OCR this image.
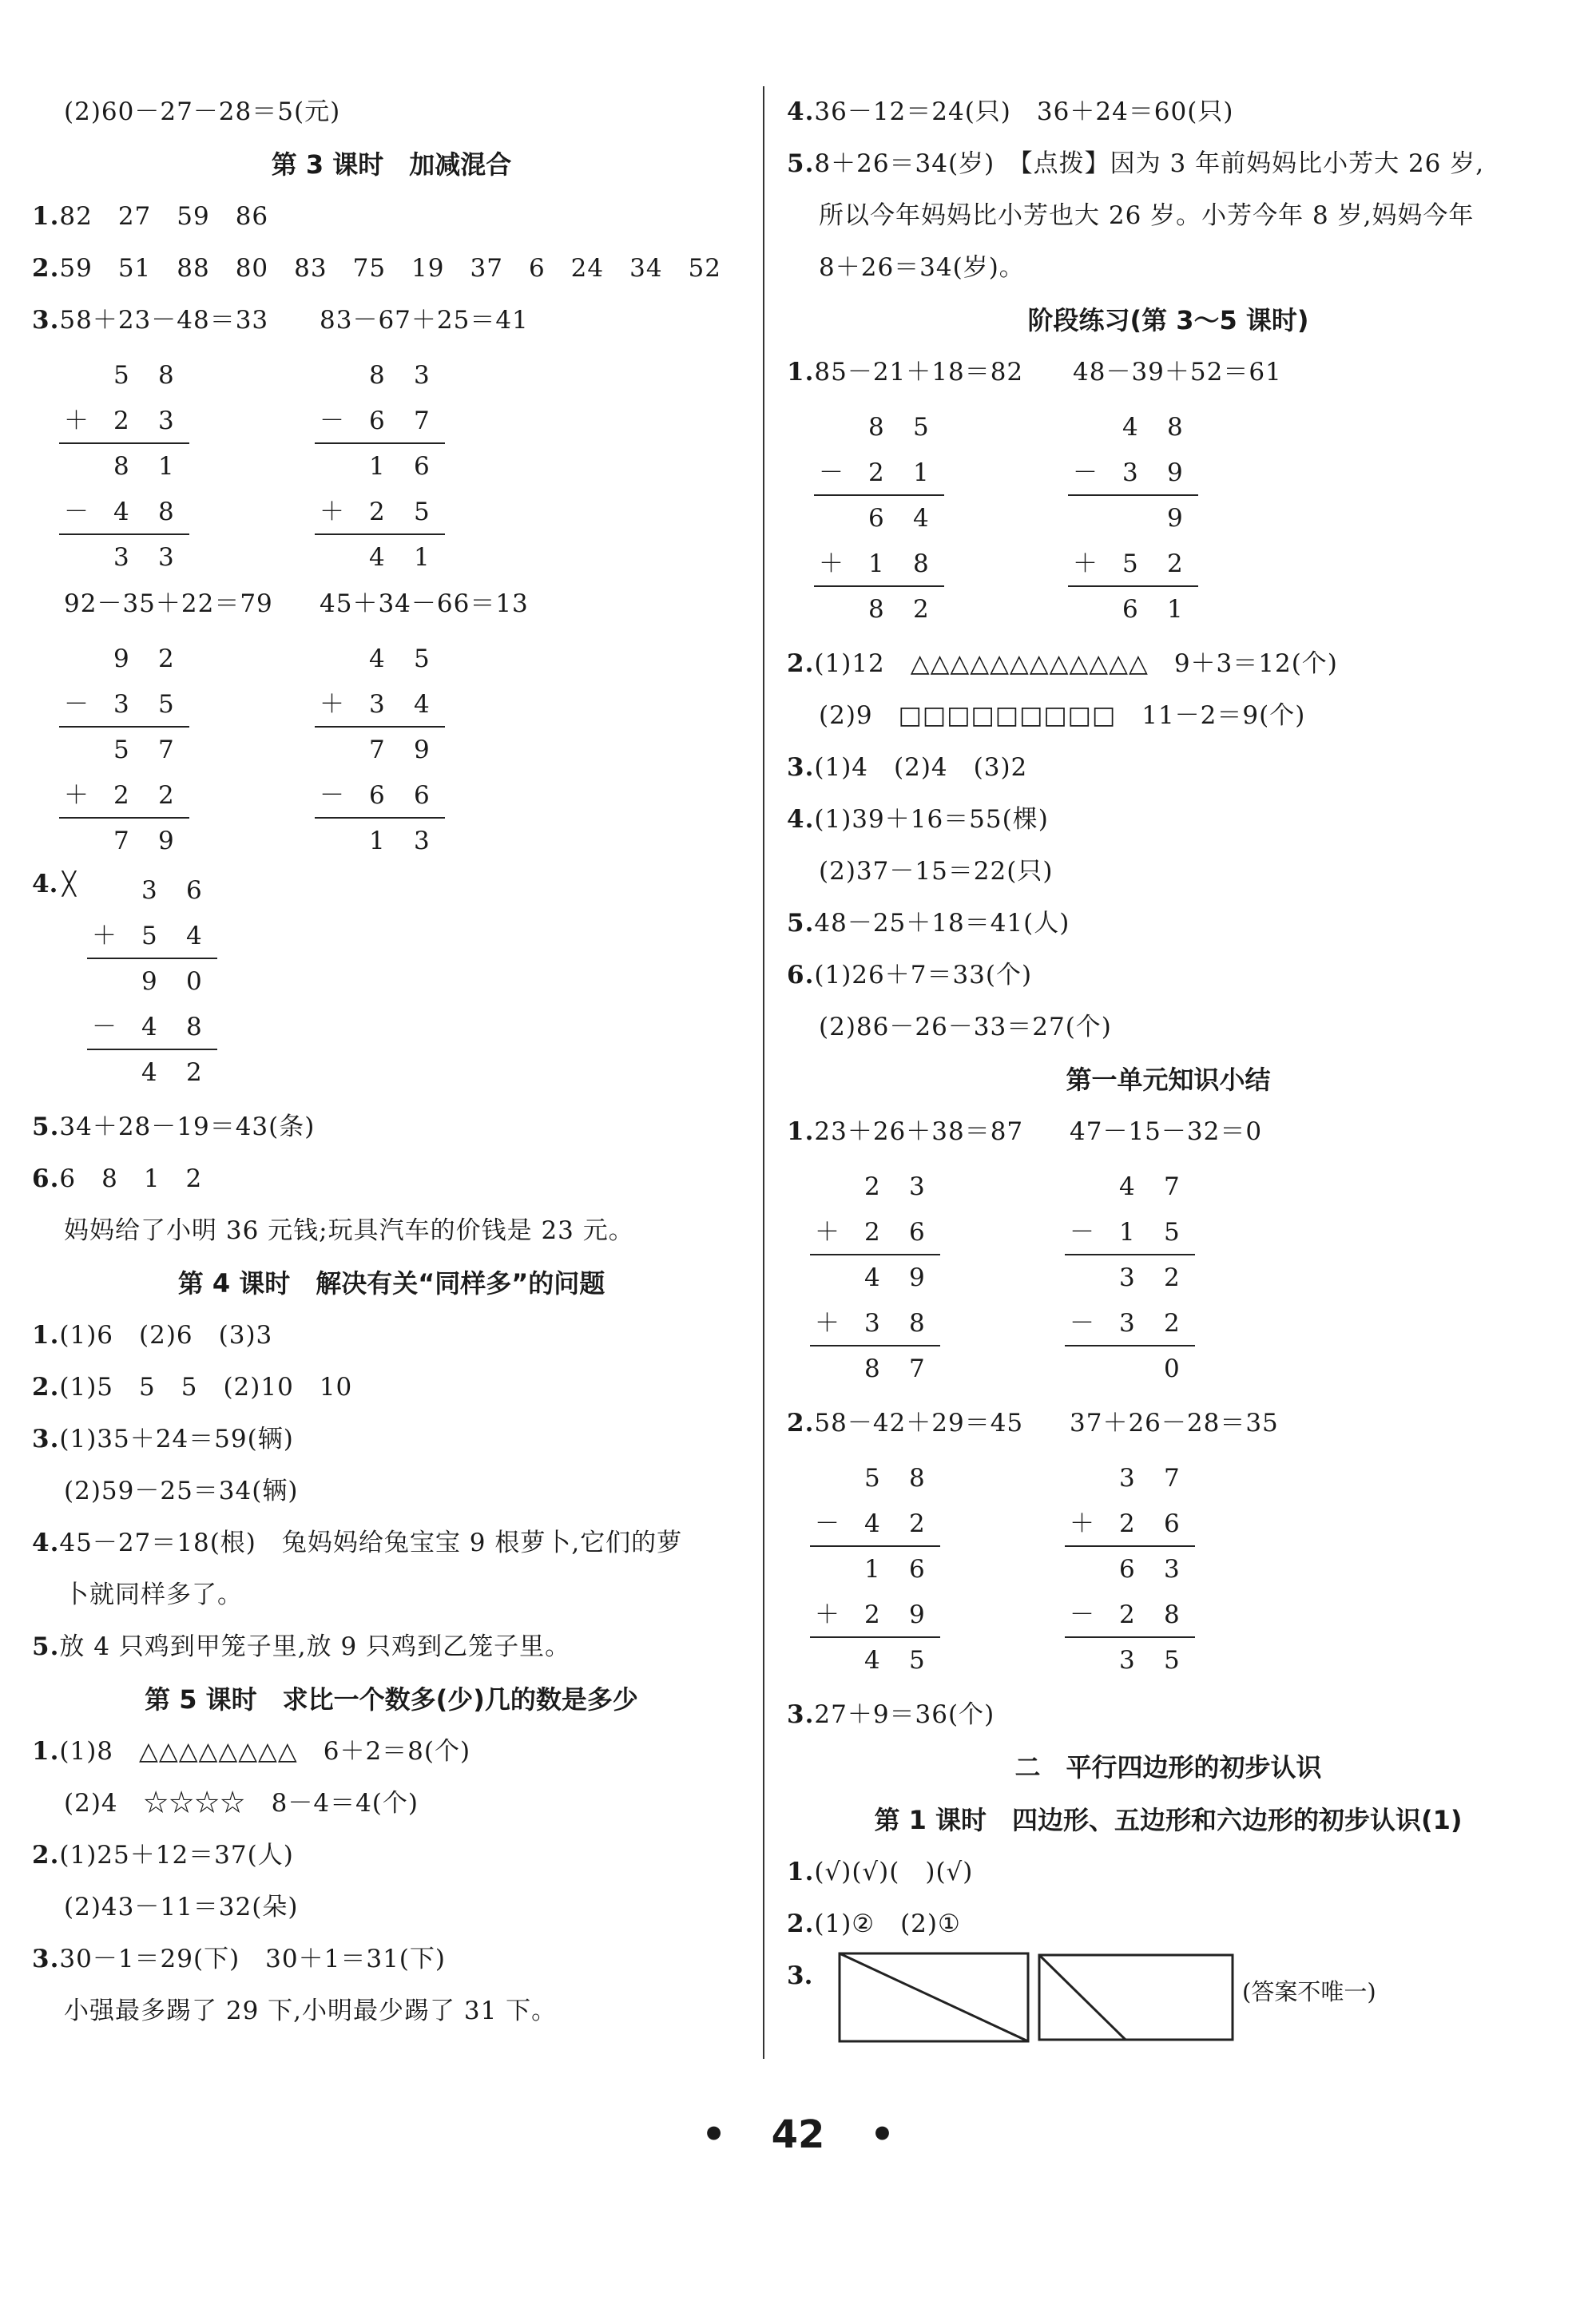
(2)60－27－28＝5(元)
第 3 课时　加减混合
1.82　27　59　86
2.59　51　88　80　83　75　19　37　6　24　34　52
3.58＋23－48＝33 83－67＋25＝41
5 8
＋ 2 3
8 1
－ 4 8
3 3
8 3
－ 6 7
1 6
＋ 2 5
4 1
92－35＋22＝79 45＋34－66＝13
9 2
－ 3 5
5 7
＋ 2 2
7 9
4 5
＋ 3 4
7 9
－ 6 6
1 3
4. ╳	3 6
＋ 5 4
9 0
－ 4 8
4 2
5.34＋28－19＝43(条)
6.6　8　1　2
妈妈给了小明 36 元钱;玩具汽车的价钱是 23 元。
第 4 课时　解决有关“同样多”的问题
1.(1)6　(2)6　(3)3
2.(1)5　5　5　(2)10　10
3.(1)35＋24＝59(辆)
(2)59－25＝34(辆)
4.45－27＝18(根)　兔妈妈给兔宝宝 9 根萝卜,它们的萝
卜就同样多了。
5.放 4 只鸡到甲笼子里,放 9 只鸡到乙笼子里。
第 5 课时　求比一个数多(少)几的数是多少
1.(1)8　△△△△△△△△　6＋2＝8(个)
(2)4　☆☆☆☆　8－4＝4(个)
2.(1)25＋12＝37(人)
(2)43－11＝32(朵)
3.30－1＝29(下)　30＋1＝31(下)
小强最多踢了 29 下,小明最少踢了 31 下。
4.36－12＝24(只)　36＋24＝60(只)
5.8＋26＝34(岁)　【点拨】因为 3 年前妈妈比小芳大 26 岁,
所以今年妈妈比小芳也大 26 岁。小芳今年 8 岁,妈妈今年
8＋26＝34(岁)。
阶段练习(第 3～5 课时)
1.85－21＋18＝82 48－39＋52＝61
8 5
－ 2 1
6 4
＋ 1 8
8 2
4 8
－ 3 9
9
＋ 5 2
6 1
2.(1)12　△△△△△△△△△△△△　9＋3＝12(个)
(2)9　□□□□□□□□□　11－2＝9(个)
3.(1)4　(2)4　(3)2
4.(1)39＋16＝55(棵)
(2)37－15＝22(只)
5.48－25＋18＝41(人)
6.(1)26＋7＝33(个)
(2)86－26－33＝27(个)
第一单元知识小结
1.23＋26＋38＝87 47－15－32＝0
2 3
＋ 2 6
4 9
＋ 3 8
8 7
4 7
－ 1 5
3 2
－ 3 2
0
2.58－42＋29＝45 37＋26－28＝35
5 8
－ 4 2
1 6
＋ 2 9
4 5
3 7
＋ 2 6
6 3
－ 2 8
3 5
3.27＋9＝36(个)
二　平行四边形的初步认识
第 1 课时　四边形、五边形和六边形的初步认识(1)
1.(√)(√)(　)(√)
2.(1)②　(2)①
3.
(答案不唯一)
• 42 •
